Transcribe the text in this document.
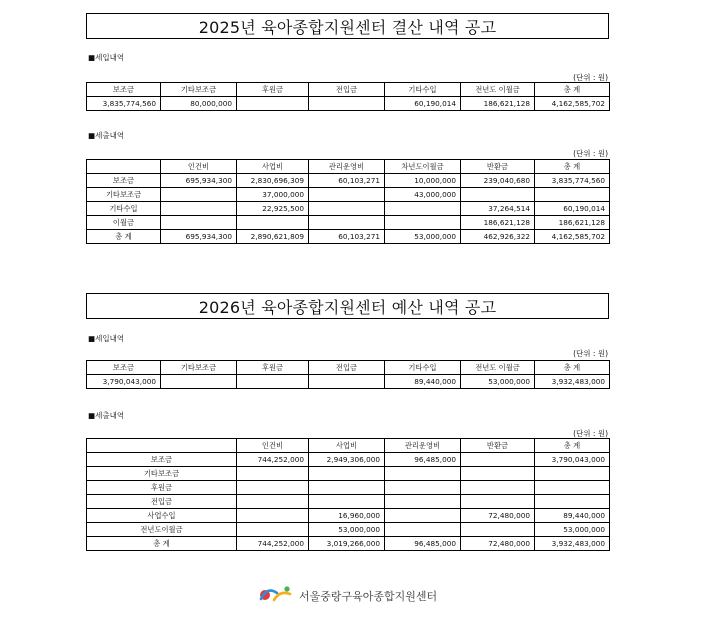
2025년 육아종합지원센터 결산 내역 공고
■세입내역
(단위 : 원)
보조금	기타보조금	후원금	전입금	기타수입	전년도 이월금	총 계
3,835,774,560	80,000,000			60,190,014	186,621,128	4,162,585,702
■세출내역
(단위 : 원)
	인건비	사업비	관리운영비	차년도이월금	반환금	총 계
보조금	695,934,300	2,830,696,309	60,103,271	10,000,000	239,040,680	3,835,774,560
기타보조금		37,000,000		43,000,000		
기타수입		22,925,500			37,264,514	60,190,014
이월금					186,621,128	186,621,128
총 계	695,934,300	2,890,621,809	60,103,271	53,000,000	462,926,322	4,162,585,702
2026년 육아종합지원센터 예산 내역 공고
■세입내역
(단위 : 원)
보조금	기타보조금	후원금	전입금	기타수입	전년도 이월금	총 계
3,790,043,000				89,440,000	53,000,000	3,932,483,000
■세출내역
(단위 : 원)
	인건비	사업비	관리운영비	반환금	총 계
보조금	744,252,000	2,949,306,000	96,485,000		3,790,043,000
기타보조금					
후원금					
전입금					
사업수입		16,960,000		72,480,000	89,440,000
전년도이월금		53,000,000			53,000,000
총 계	744,252,000	3,019,266,000	96,485,000	72,480,000	3,932,483,000
서울중랑구육아종합지원센터
